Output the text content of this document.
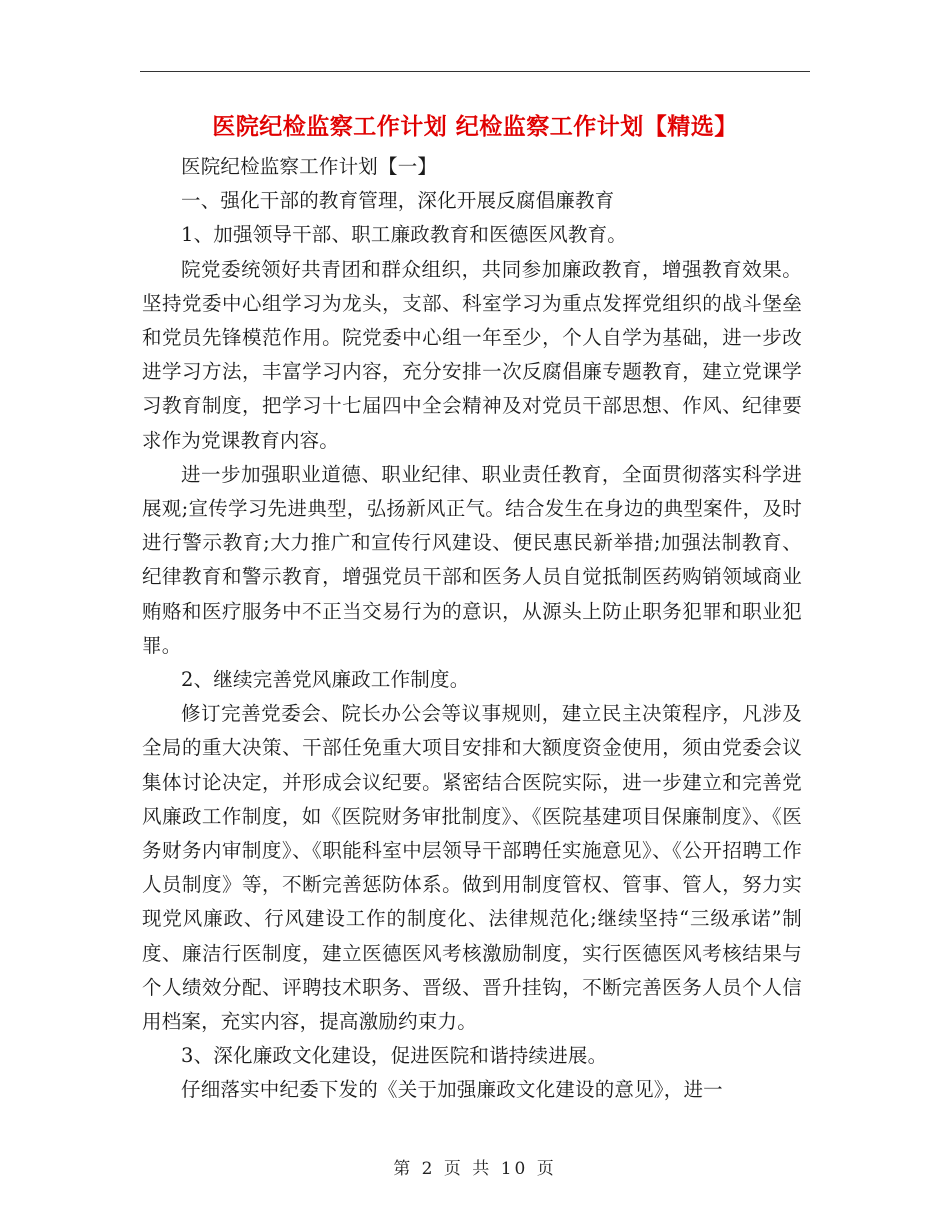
医院纪检监察工作计划 纪检监察工作计划【精选】

医院纪检监察工作计划【一】

一、强化干部的教育管理，深化开展反腐倡廉教育

1、加强领导干部、职工廉政教育和医德医风教育。

院党委统领好共青团和群众组织，共同参加廉政教育，增强教育效果。坚持党委中心组学习为龙头，支部、科室学习为重点发挥党组织的战斗堡垒和党员先锋模范作用。院党委中心组一年至少，个人自学为基础，进一步改进学习方法，丰富学习内容，充分安排一次反腐倡廉专题教育，建立党课学习教育制度，把学习十七届四中全会精神及对党员干部思想、作风、纪律要求作为党课教育内容。

进一步加强职业道德、职业纪律、职业责任教育，全面贯彻落实科学进展观;宣传学习先进典型，弘扬新风正气。结合发生在身边的典型案件，及时进行警示教育;大力推广和宣传行风建设、便民惠民新举措;加强法制教育、纪律教育和警示教育，增强党员干部和医务人员自觉抵制医药购销领域商业贿赂和医疗服务中不正当交易行为的意识，从源头上防止职务犯罪和职业犯罪。

2、继续完善党风廉政工作制度。

修订完善党委会、院长办公会等议事规则，建立民主决策程序，凡涉及全局的重大决策、干部任免重大项目安排和大额度资金使用，须由党委会议集体讨论决定，并形成会议纪要。紧密结合医院实际，进一步建立和完善党风廉政工作制度，如《医院财务审批制度》、《医院基建项目保廉制度》、《医务财务内审制度》、《职能科室中层领导干部聘任实施意见》、《公开招聘工作人员制度》等，不断完善惩防体系。做到用制度管权、管事、管人，努力实现党风廉政、行风建设工作的制度化、法律规范化;继续坚持“三级承诺”制度、廉洁行医制度，建立医德医风考核激励制度，实行医德医风考核结果与个人绩效分配、评聘技术职务、晋级、晋升挂钩，不断完善医务人员个人信用档案，充实内容，提高激励约束力。

3、深化廉政文化建设，促进医院和谐持续进展。

仔细落实中纪委下发的《关于加强廉政文化建设的意见》，进一

第 2 页 共 10 页
